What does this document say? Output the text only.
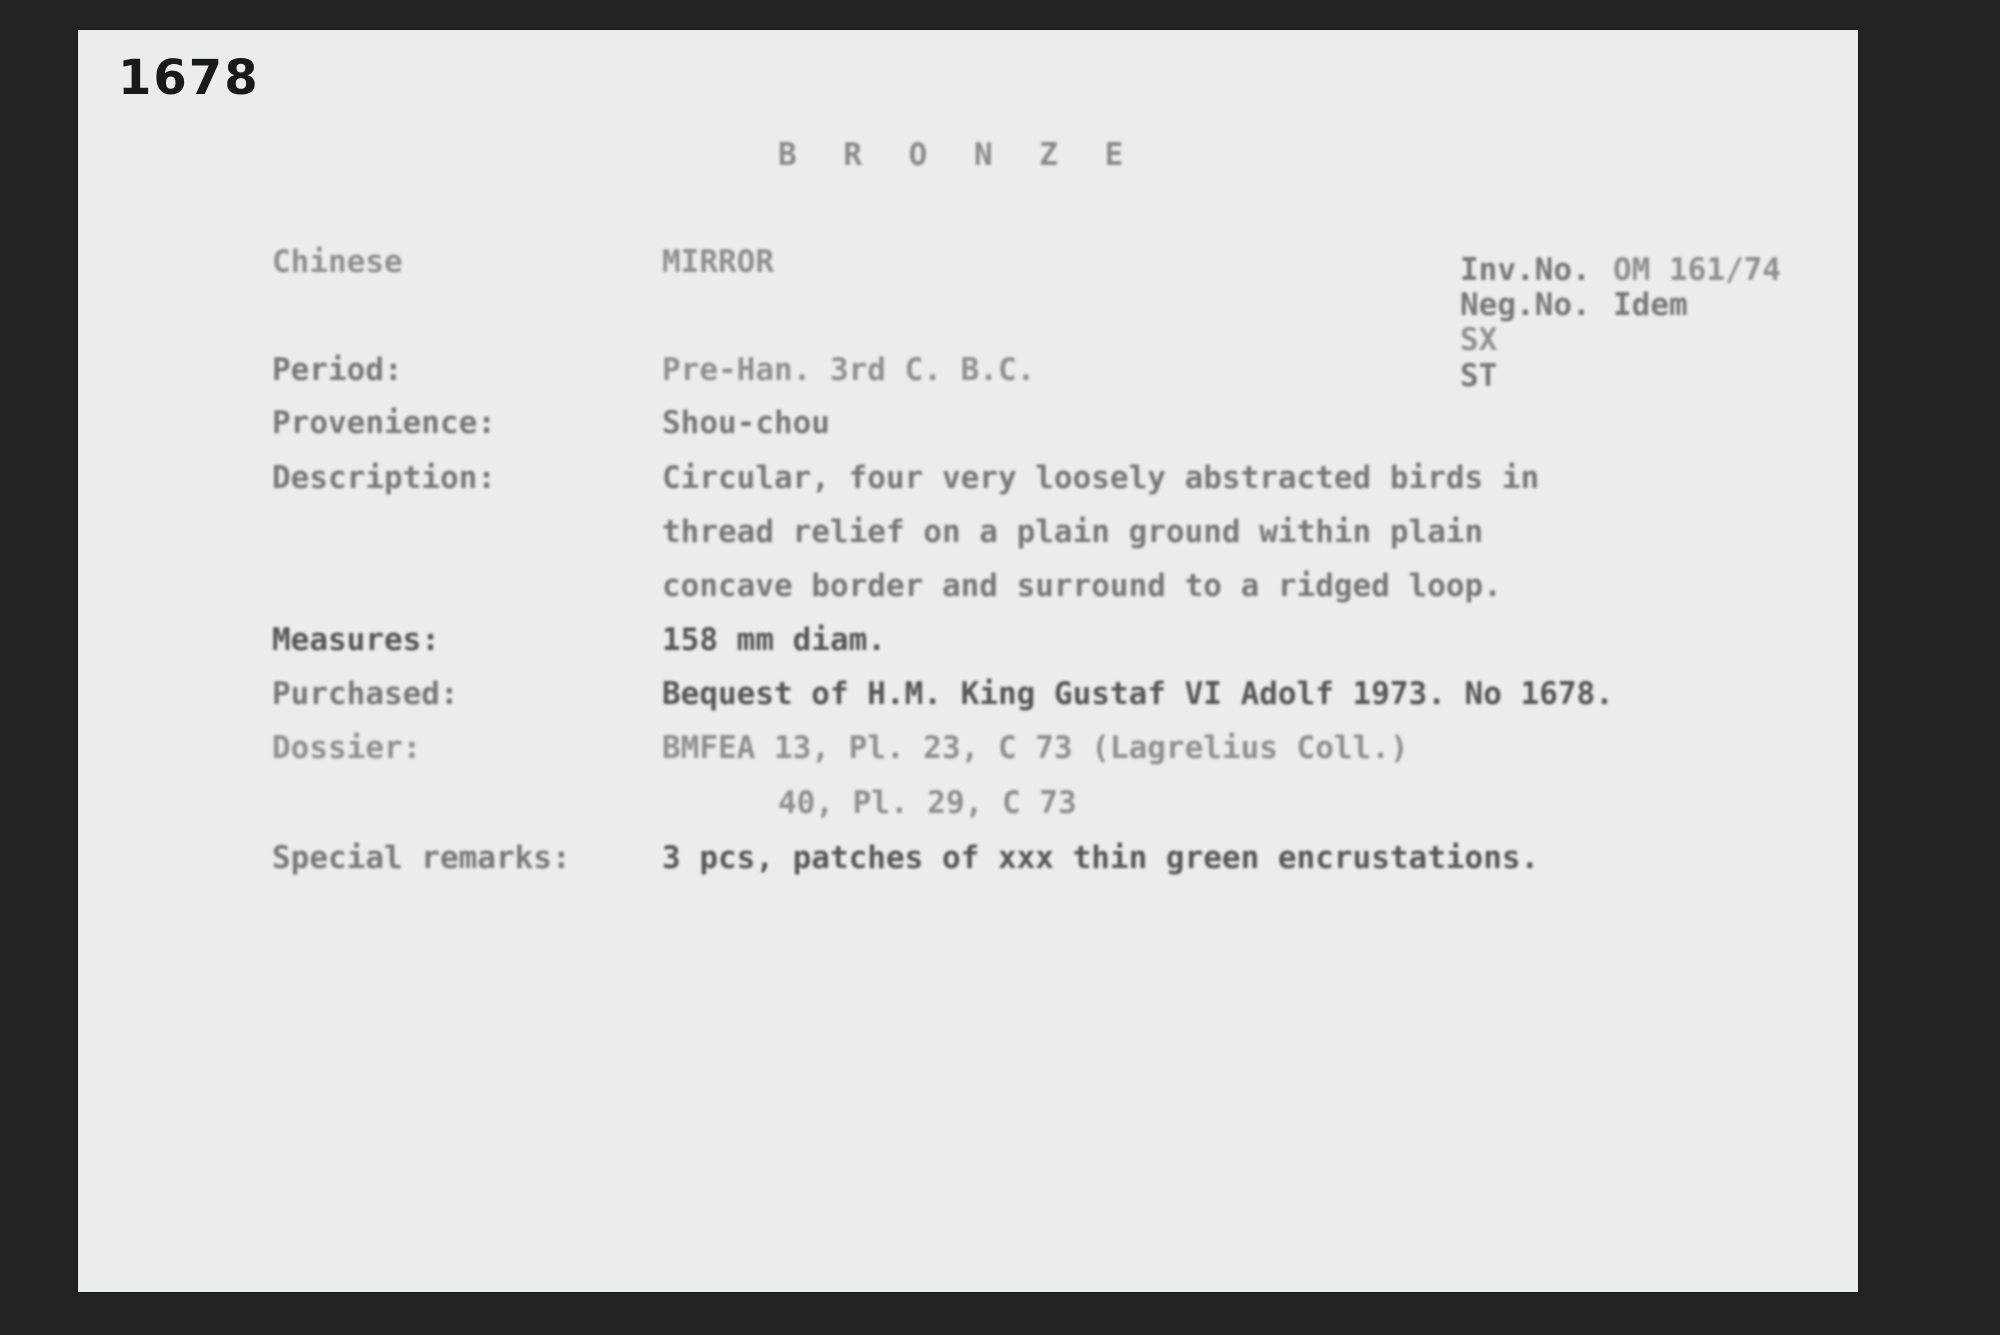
1678
B R O N Z E
Chinese	MIRROR	Inv.No. OM 161/74
Neg.No. Idem
SX
ST
Period:	Pre-Han. 3rd C. B.C.
Provenience:	Shou-chou
Description:	Circular, four very loosely abstracted birds in
thread relief on a plain ground within plain
concave border and surround to a ridged loop.
Measures:	158 mm diam.
Purchased:	Bequest of H.M. King Gustaf VI Adolf 1973. No 1678.
Dossier:	BMFEA 13, Pl. 23, C 73 (Lagrelius Coll.)
40, Pl. 29, C 73
Special remarks:	3 pcs, patches of xxx thin green encrustations.
